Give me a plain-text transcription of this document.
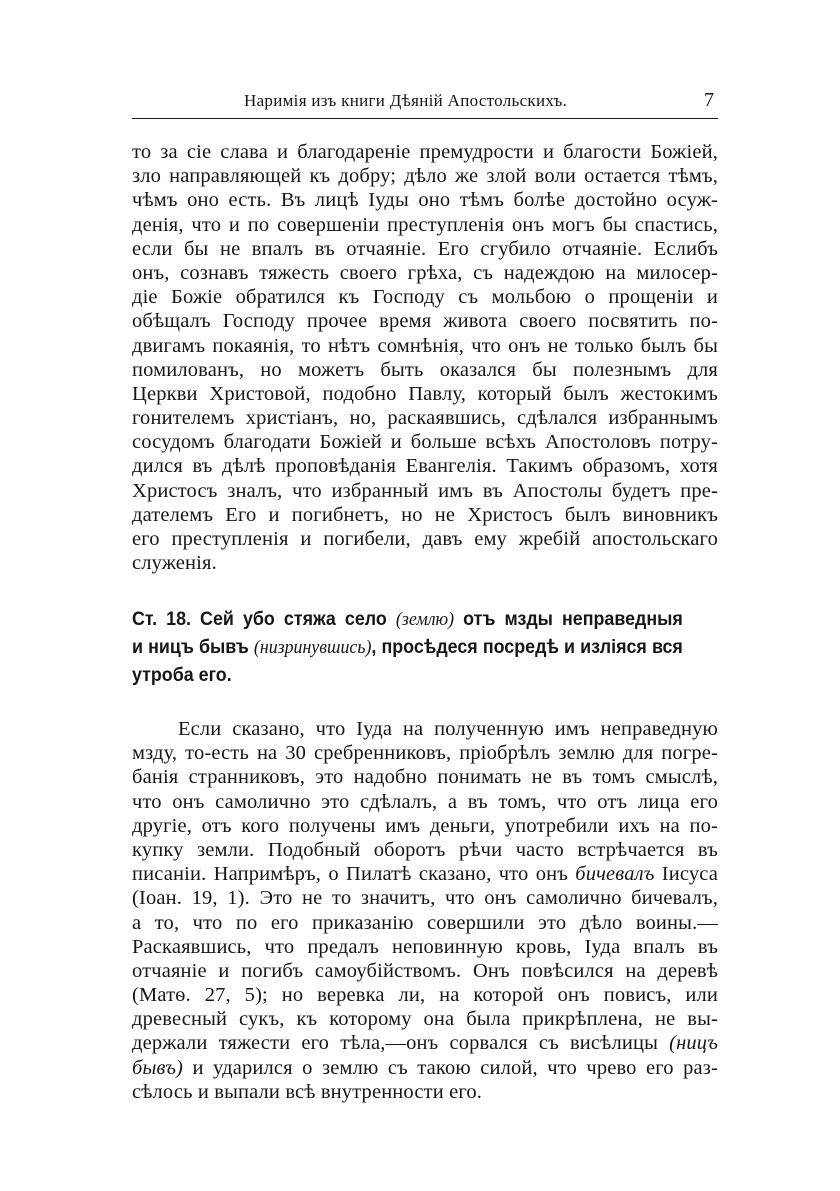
Наримія изъ книги Дѣяній Апостольскихъ.	7
то за сіе слава и благодареніе премудрости и благости Божіей,
зло направляющей къ добру; дѣло же злой воли остается тѣмъ,
чѣмъ оно есть. Въ лицѣ Іуды оно тѣмъ болѣе достойно осуж-
денія, что и по совершеніи преступленія онъ могъ бы спастись,
если бы не впалъ въ отчаяніе. Его сгубило отчаяніе. Еслибъ
онъ, сознавъ тяжесть своего грѣха, съ надеждою на милосер-
діе Божіе обратился къ Господу съ мольбою о прощеніи и
обѣщалъ Господу прочее время живота своего посвятить по-
двигамъ покаянія, то нѣтъ сомнѣнія, что онъ не только былъ бы
помилованъ, но можетъ быть оказался бы полезнымъ для
Церкви Христовой, подобно Павлу, который былъ жестокимъ
гонителемъ христіанъ, но, раскаявшись, сдѣлался избраннымъ
сосудомъ благодати Божіей и больше всѣхъ Апостоловъ потру-
дился въ дѣлѣ проповѣданія Евангелія. Такимъ образомъ, хотя
Христосъ зналъ, что избранный имъ въ Апостолы будетъ пре-
дателемъ Его и погибнетъ, но не Христосъ былъ виновникъ
его преступленія и погибели, давъ ему жребій апостольскаго
служенія.
Ст. 18. Сей убо стяжа село (землю) отъ мзды неправедныя
и ницъ бывъ (низринувшись), просѣдеся посредѣ и изліяся вся
утроба его.
Если сказано, что Іуда на полученную имъ неправедную
мзду, то-есть на 30 сребренниковъ, пріобрѣлъ землю для погре-
банія странниковъ, это надобно понимать не въ томъ смыслѣ,
что онъ самолично это сдѣлалъ, а въ томъ, что отъ лица его
другіе, отъ кого получены имъ деньги, употребили ихъ на по-
купку земли. Подобный оборотъ рѣчи часто встрѣчается въ
писаніи. Напримѣръ, о Пилатѣ сказано, что онъ бичевалъ Іисуса
(Іоан. 19, 1). Это не то значитъ, что онъ самолично бичевалъ,
а то, что по его приказанію совершили это дѣло воины.—
Раскаявшись, что предалъ неповинную кровь, Іуда впалъ въ
отчаяніе и погибъ самоубійствомъ. Онъ повѣсился на деревѣ
(Матѳ. 27, 5); но веревка ли, на которой онъ повисъ, или
древесный сукъ, къ которому она была прикрѣплена, не вы-
держали тяжести его тѣла,—онъ сорвался съ висѣлицы (ницъ
бывъ) и ударился о землю съ такою силой, что чрево его раз-
сѣлось и выпали всѣ внутренности его.
